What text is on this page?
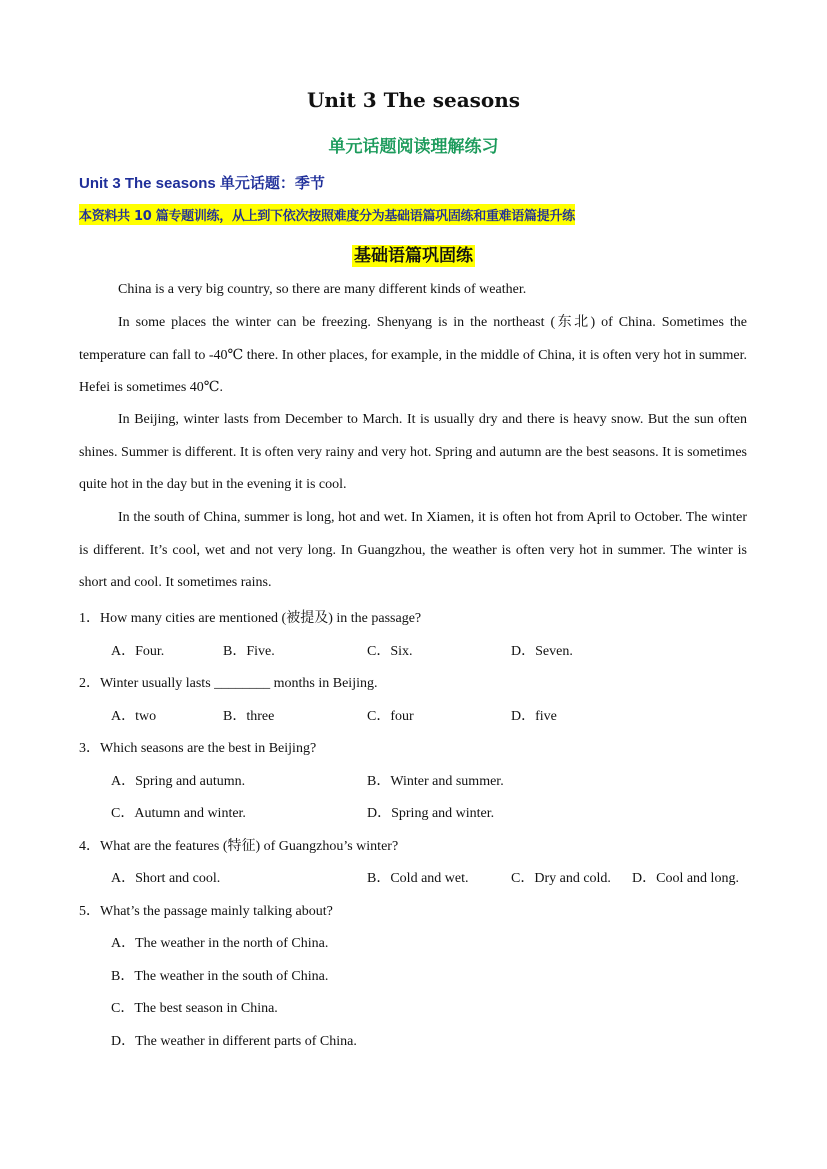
Unit 3 The seasons
单元话题阅读理解练习
Unit 3 The seasons 单元话题：季节
本资料共 10 篇专题训练，从上到下依次按照难度分为基础语篇巩固练和重难语篇提升练
基础语篇巩固练

China is a very big country, so there are many different kinds of weather.

In some places the winter can be freezing. Shenyang is in the northeast (东北) of China. Sometimes the temperature can fall to -40℃ there. In other places, for example, in the middle of China, it is often very hot in summer. Hefei is sometimes 40℃.

In Beijing, winter lasts from December to March. It is usually dry and there is heavy snow. But the sun often shines. Summer is different. It is often very rainy and very hot. Spring and autumn are the best seasons. It is sometimes quite hot in the day but in the evening it is cool.

In the south of China, summer is long, hot and wet. In Xiamen, it is often hot from April to October. The winter is different. It’s cool, wet and not very long. In Guangzhou, the weather is often very hot in summer. The winter is short and cool. It sometimes rains.

1．How many cities are mentioned (被提及) in the passage?
A．Four.	B．Five.	C．Six.	D．Seven.
2．Winter usually lasts ________ months in Beijing.
A．two	B．three	C．four	D．five
3．Which seasons are the best in Beijing?
A．Spring and autumn.	B．Winter and summer.
C．Autumn and winter.	D．Spring and winter.
4．What are the features (特征) of Guangzhou’s winter?
A．Short and cool.	B．Cold and wet.	C．Dry and cold. D．Cool and long.
5．What’s the passage mainly talking about?
A．The weather in the north of China.
B．The weather in the south of China.
C．The best season in China.
D．The weather in different parts of China.
